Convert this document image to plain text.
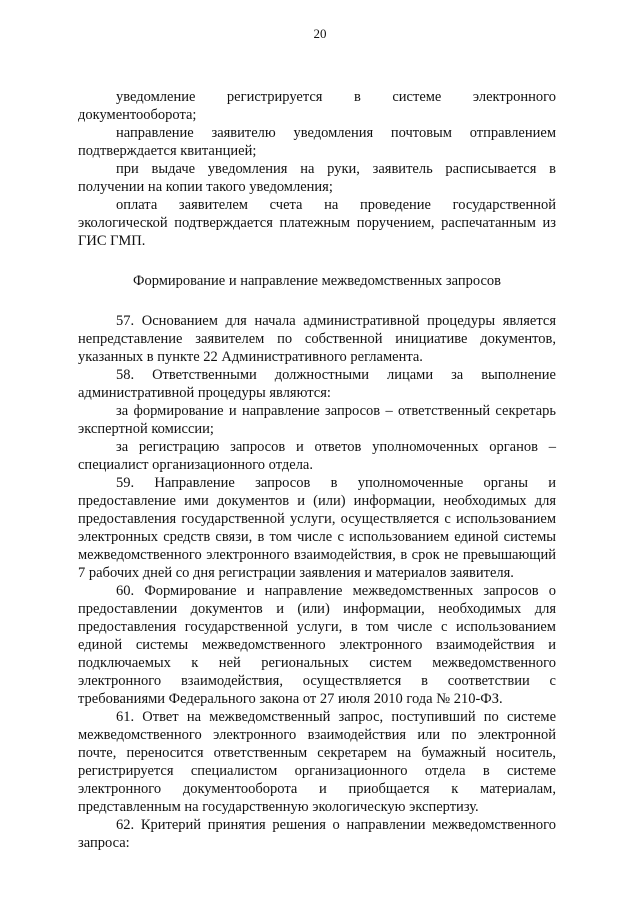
20

уведомление регистрируется в системе электронного документооборота;

направление заявителю уведомления почтовым отправлением подтверждается квитанцией;

при выдаче уведомления на руки, заявитель расписывается в получении на копии такого уведомления;

оплата заявителем счета на проведение государственной экологической подтверждается платежным поручением, распечатанным из ГИС ГМП.

Формирование и направление межведомственных запросов

57. Основанием для начала административной процедуры является непредставление заявителем по собственной инициативе документов, указанных в пункте 22 Административного регламента.

58. Ответственными должностными лицами за выполнение административной процедуры являются:

за формирование и направление запросов – ответственный секретарь экспертной комиссии;

за регистрацию запросов и ответов уполномоченных органов – специалист организационного отдела.

59. Направление запросов в уполномоченные органы и предоставление ими документов и (или) информации, необходимых для предоставления государственной услуги, осуществляется с использованием электронных средств связи, в том числе с использованием единой системы межведомственного электронного взаимодействия, в срок не превышающий 7 рабочих дней со дня регистрации заявления и материалов заявителя.

60. Формирование и направление межведомственных запросов о предоставлении документов и (или) информации, необходимых для предоставления государственной услуги, в том числе с использованием единой системы межведомственного электронного взаимодействия и подключаемых к ней региональных систем межведомственного электронного взаимодействия, осуществляется в соответствии с требованиями Федерального закона от 27 июля 2010 года № 210-ФЗ.

61. Ответ на межведомственный запрос, поступивший по системе межведомственного электронного взаимодействия или по электронной почте, переносится ответственным секретарем на бумажный носитель, регистрируется специалистом организационного отдела в системе электронного документооборота и приобщается к материалам, представленным на государственную экологическую экспертизу.

62. Критерий принятия решения о направлении межведомственного запроса:
